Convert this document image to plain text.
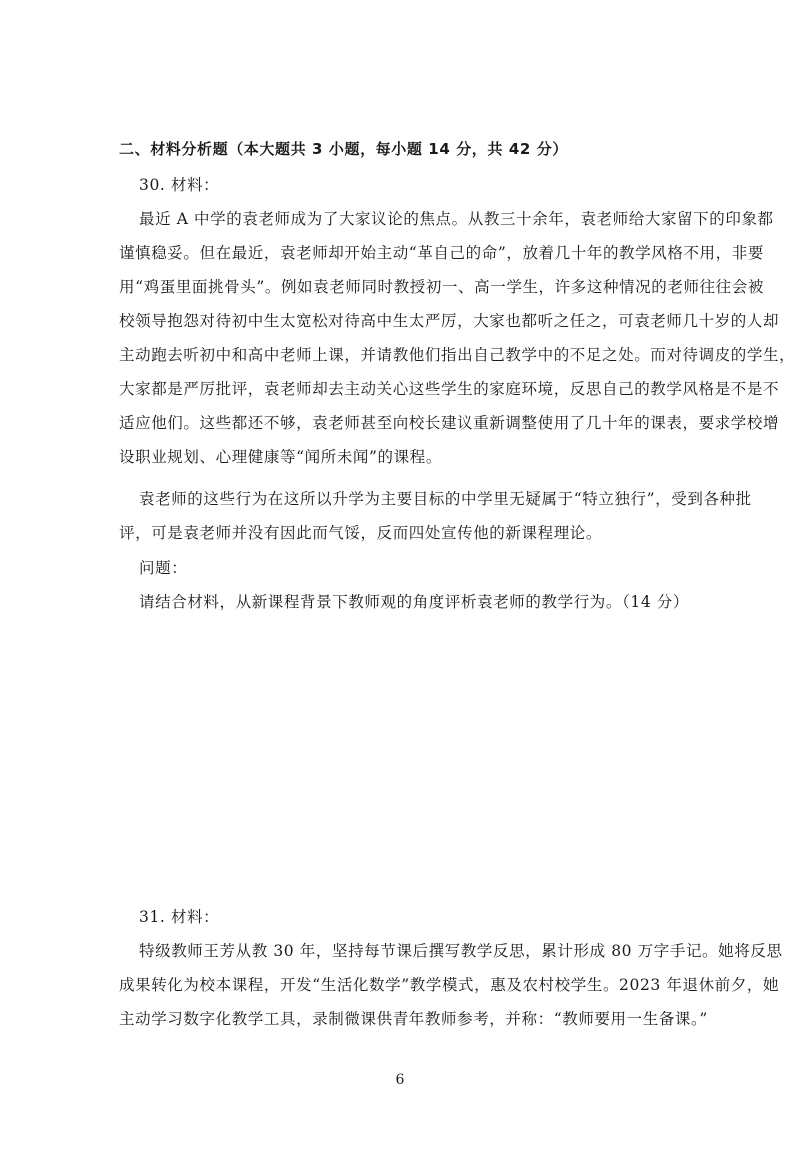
二、材料分析题（本大题共 3 小题，每小题 14 分，共 42 分）
30. 材料：
最近 A 中学的袁老师成为了大家议论的焦点。从教三十余年，袁老师给大家留下的印象都
谨慎稳妥。但在最近，袁老师却开始主动“革自己的命”，放着几十年的教学风格不用，非要
用“鸡蛋里面挑骨头”。例如袁老师同时教授初一、高一学生，许多这种情况的老师往往会被
校领导抱怨对待初中生太宽松对待高中生太严厉，大家也都听之任之，可袁老师几十岁的人却
主动跑去听初中和高中老师上课，并请教他们指出自己教学中的不足之处。而对待调皮的学生，
大家都是严厉批评，袁老师却去主动关心这些学生的家庭环境，反思自己的教学风格是不是不
适应他们。这些都还不够，袁老师甚至向校长建议重新调整使用了几十年的课表，要求学校增
设职业规划、心理健康等“闻所未闻”的课程。
袁老师的这些行为在这所以升学为主要目标的中学里无疑属于“特立独行”，受到各种批
评，可是袁老师并没有因此而气馁，反而四处宣传他的新课程理论。
问题：
请结合材料，从新课程背景下教师观的角度评析袁老师的教学行为。（14 分）
31. 材料：
特级教师王芳从教 30 年，坚持每节课后撰写教学反思，累计形成 80 万字手记。她将反思
成果转化为校本课程，开发“生活化数学”教学模式，惠及农村校学生。2023 年退休前夕，她
主动学习数字化教学工具，录制微课供青年教师参考，并称：“教师要用一生备课。”
6
